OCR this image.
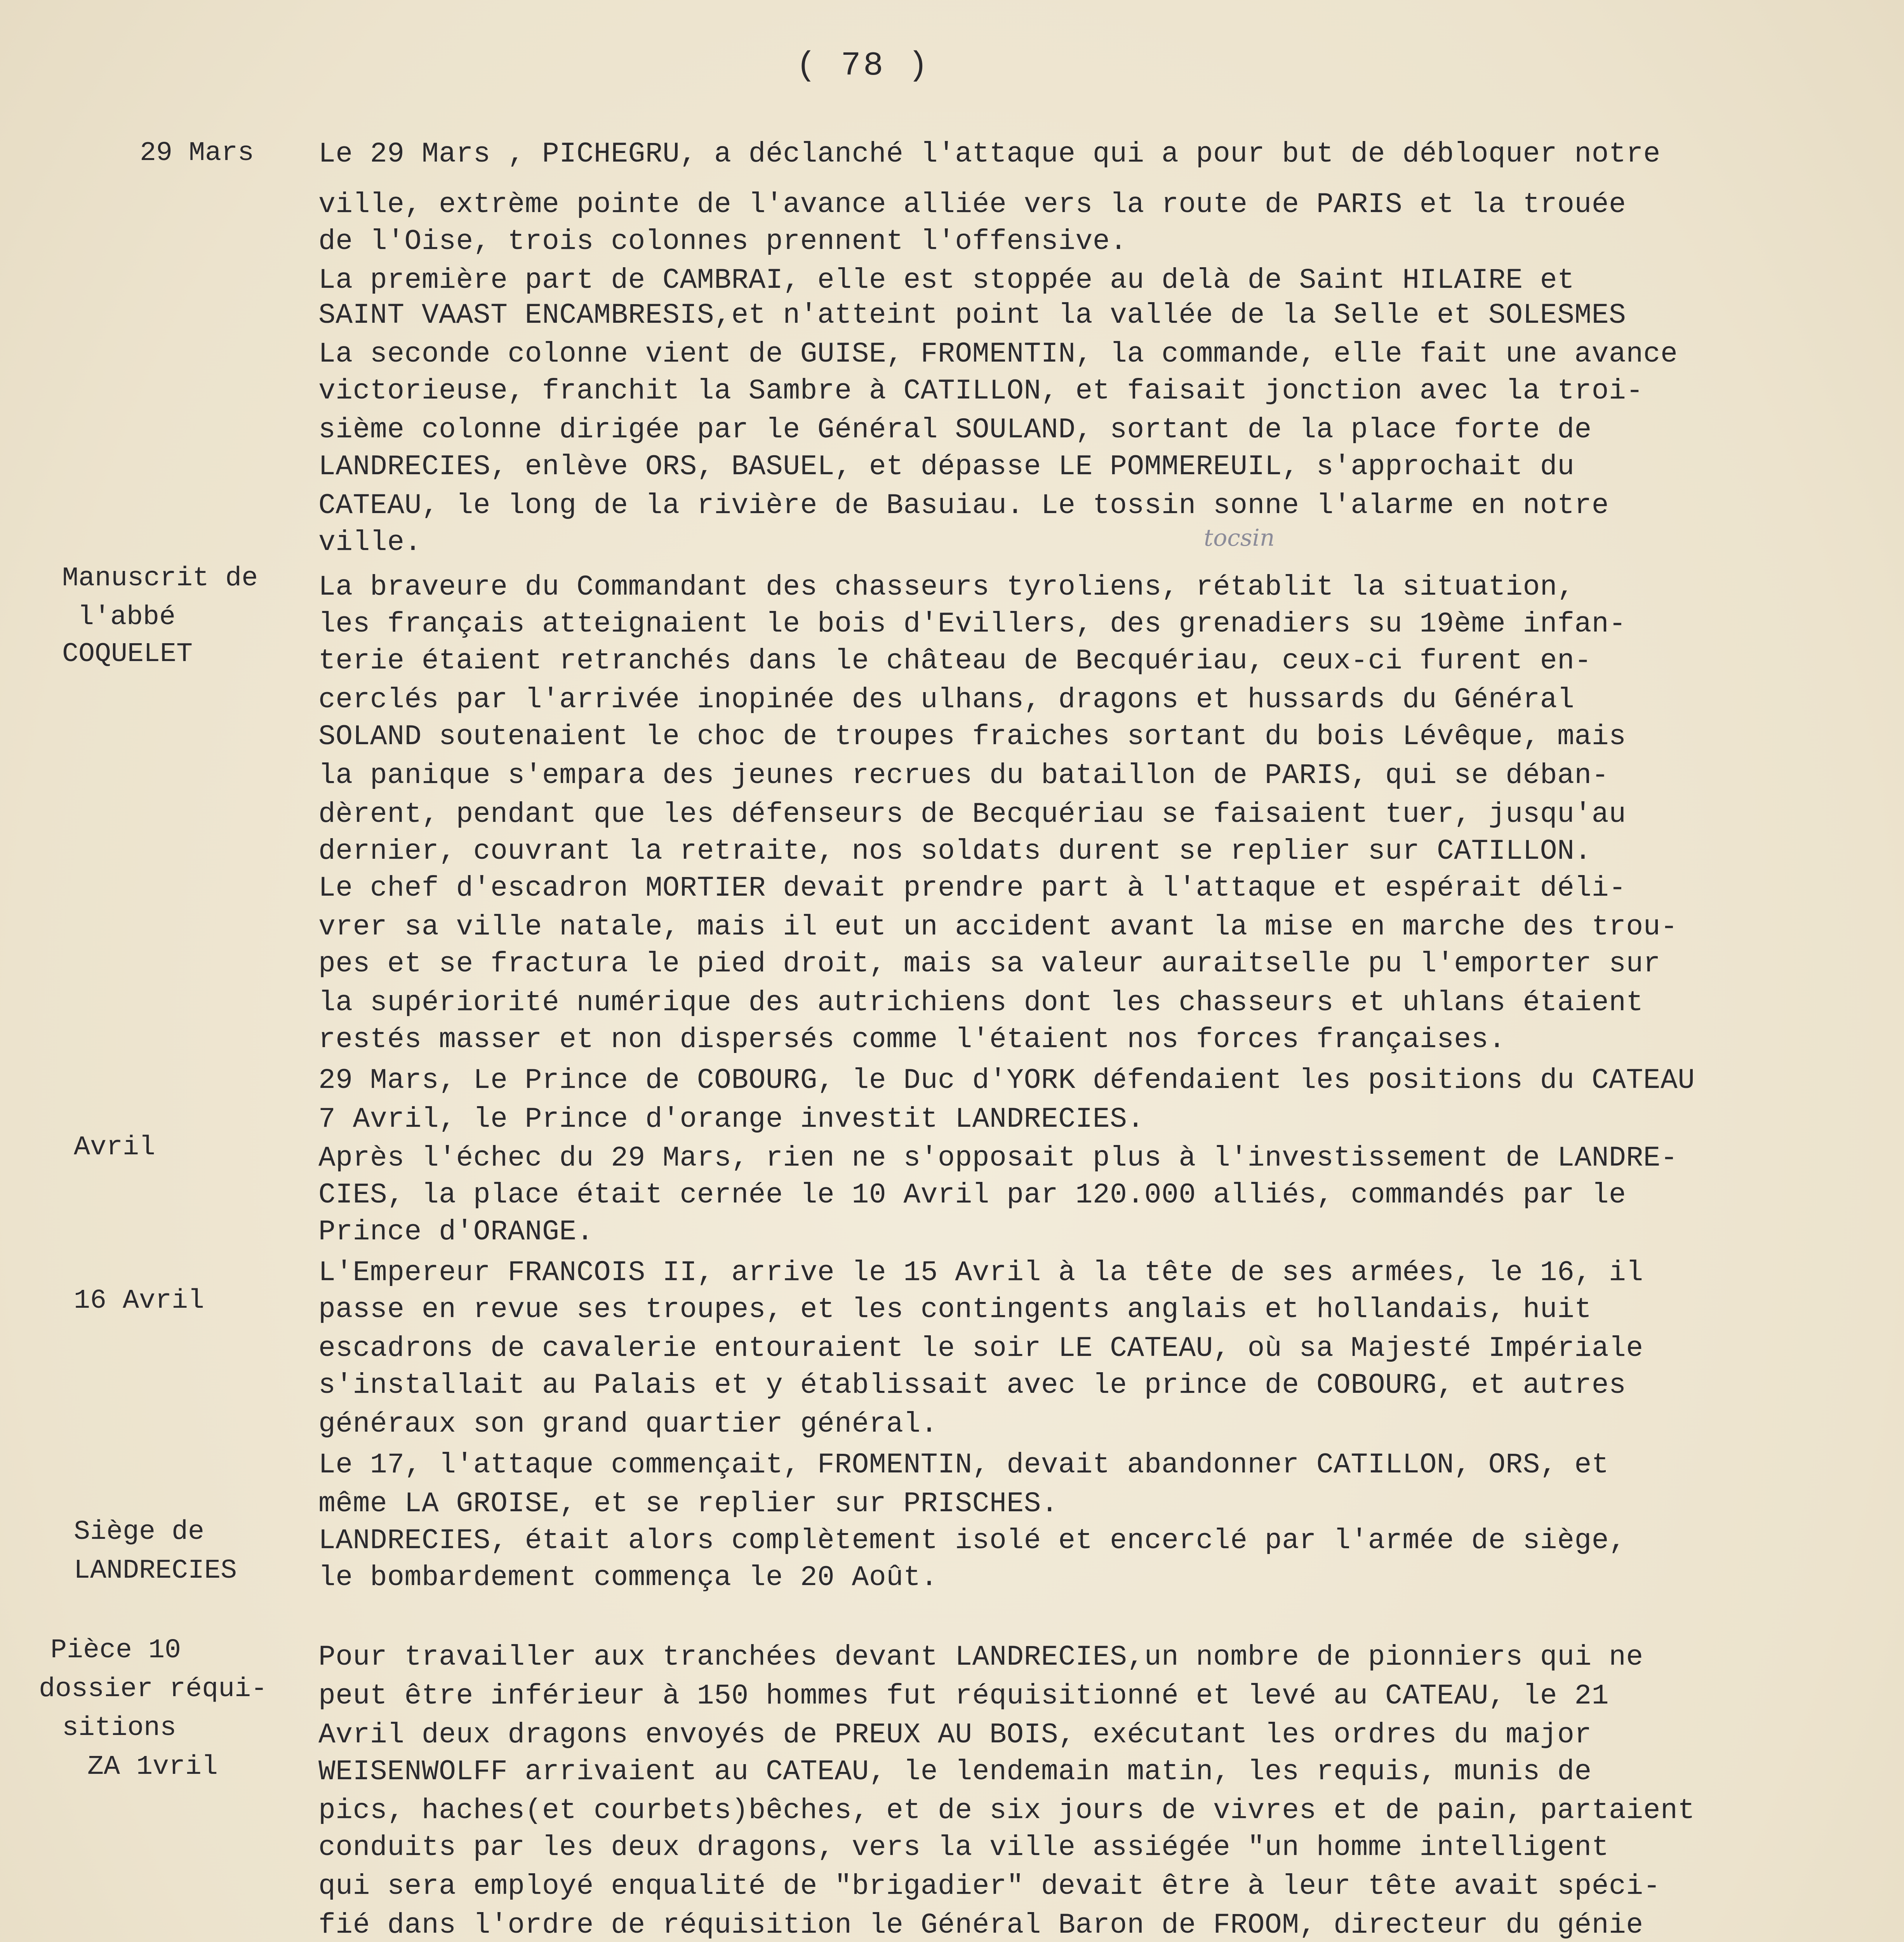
( 78 )
29 Mars
Manuscrit de
l'abbé
COQUELET
Avril
16 Avril
Siège de
LANDRECIES
Pièce 10
dossier réqui-
sitions
ZA 1vril
tocsin
Le 29 Mars , PICHEGRU, a déclanché l'attaque qui a pour but de débloquer notre
ville, extrème pointe de l'avance alliée vers la route de PARIS et la trouée
de l'Oise, trois colonnes prennent l'offensive.
La première part de CAMBRAI, elle est stoppée au delà de Saint HILAIRE et
SAINT VAAST ENCAMBRESIS,et n'atteint point la vallée de la Selle et SOLESMES
La seconde colonne vient de GUISE, FROMENTIN, la commande, elle fait une avance
victorieuse, franchit la Sambre à CATILLON, et faisait jonction avec la troi-
sième colonne dirigée par le Général SOULAND, sortant de la place forte de
LANDRECIES, enlève ORS, BASUEL, et dépasse LE POMMEREUIL, s'approchait du
CATEAU, le long de la rivière de Basuiau. Le tossin sonne l'alarme en notre
ville.
La braveure du Commandant des chasseurs tyroliens, rétablit la situation,
les français atteignaient le bois d'Evillers, des grenadiers su 19ème infan-
terie étaient retranchés dans le château de Becquériau, ceux-ci furent en-
cerclés par l'arrivée inopinée des ulhans, dragons et hussards du Général
SOLAND soutenaient le choc de troupes fraiches sortant du bois Lévêque, mais
la panique s'empara des jeunes recrues du bataillon de PARIS, qui se déban-
dèrent, pendant que les défenseurs de Becquériau se faisaient tuer, jusqu'au
dernier, couvrant la retraite, nos soldats durent se replier sur CATILLON.
Le chef d'escadron MORTIER devait prendre part à l'attaque et espérait déli-
vrer sa ville natale, mais il eut un accident avant la mise en marche des trou-
pes et se fractura le pied droit, mais sa valeur auraitselle pu l'emporter sur
la supériorité numérique des autrichiens dont les chasseurs et uhlans étaient
restés masser et non dispersés comme l'étaient nos forces françaises.
29 Mars, Le Prince de COBOURG, le Duc d'YORK défendaient les positions du CATEAU
7 Avril, le Prince d'orange investit LANDRECIES.
Après l'échec du 29 Mars, rien ne s'opposait plus à l'investissement de LANDRE-
CIES, la place était cernée le 10 Avril par 120.000 alliés, commandés par le
Prince d'ORANGE.
L'Empereur FRANCOIS II, arrive le 15 Avril à la tête de ses armées, le 16, il
passe en revue ses troupes, et les contingents anglais et hollandais, huit
escadrons de cavalerie entouraient le soir LE CATEAU, où sa Majesté Impériale
s'installait au Palais et y établissait avec le prince de COBOURG, et autres
généraux son grand quartier général.
Le 17, l'attaque commençait, FROMENTIN, devait abandonner CATILLON, ORS, et
même LA GROISE, et se replier sur PRISCHES.
LANDRECIES, était alors complètement isolé et encerclé par l'armée de siège,
le bombardement commença le 20 Août.
Pour travailler aux tranchées devant LANDRECIES,un nombre de pionniers qui ne
peut être inférieur à 150 hommes fut réquisitionné et levé au CATEAU, le 21
Avril deux dragons envoyés de PREUX AU BOIS, exécutant les ordres du major
WEISENWOLFF arrivaient au CATEAU, le lendemain matin, les requis, munis de
pics, haches(et courbets)bêches, et de six jours de vivres et de pain, partaient
conduits par les deux dragons, vers la ville assiégée "un homme intelligent
qui sera employé enqualité de "brigadier" devait être à leur tête avait spéci-
fié dans l'ordre de réquisition le Général Baron de FROOM, directeur du génie
